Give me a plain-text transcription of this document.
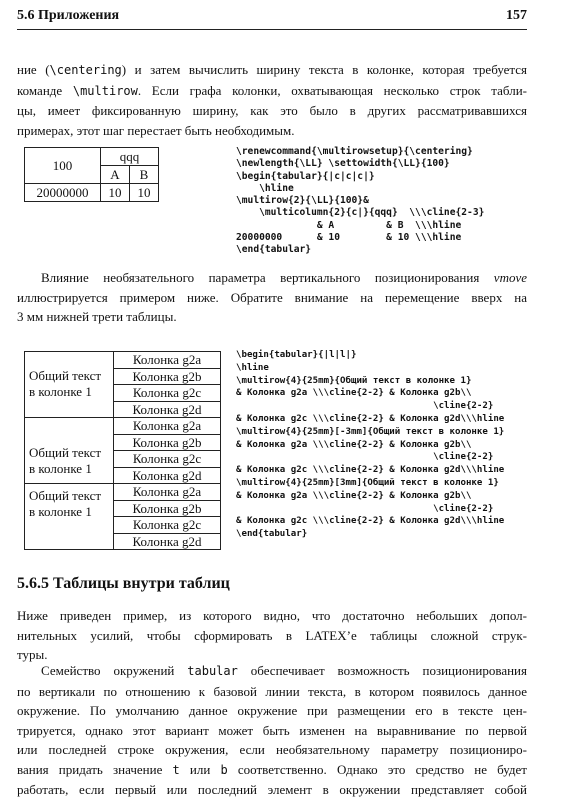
5.6 Приложения	157
ние (\centering) и затем вычислить ширину текста в колонке, которая требуется
команде \multirow. Если графа колонки, охватывающая несколько строк табли-
цы, имеет фиксированную ширину, как это было в других рассматривавшихся
примерах, этот шаг перестает быть необходимым.
100	qqq	
	A	B
20000000	10	10
\renewcommand{\multirowsetup}{\centering}
\newlength{\LL} \settowidth{\LL}{100}
\begin{tabular}{|c|c|c|}
\hline
\multirow{2}{\LL}{100}&
\multicolumn{2}{c|}{qqq}  \\\cline{2-3}
& A         & B  \\\hline
20000000      & 10        & 10 \\\hline
\end{tabular}
Влияние необязательного параметра вертикального позиционирования vmove
иллюстрируется примером ниже. Обратите внимание на перемещение вверх на
3 мм нижней трети таблицы.
Общий текст в колонке 1	Колонка g2a
	Колонка g2b
	Колонка g2c
	Колонка g2d
Общий текст в колонке 1	Колонка g2a
	Колонка g2b
	Колонка g2c
	Колонка g2d
Общий текст в колонке 1	Колонка g2a
	Колонка g2b
	Колонка g2c
	Колонка g2d
\begin{tabular}{|l|l|}
\hline
\multirow{4}{25mm}{Общий текст в колонке 1}
& Колонка g2a \\\cline{2-2} & Колонка g2b\\
\cline{2-2}
& Колонка g2c \\\cline{2-2} & Колонка g2d\\\hline
\multirow{4}{25mm}[-3mm]{Общий текст в колонке 1}
& Колонка g2a \\\cline{2-2} & Колонка g2b\\
\cline{2-2}
& Колонка g2c \\\cline{2-2} & Колонка g2d\\\hline
\multirow{4}{25mm}[3mm]{Общий текст в колонке 1}
& Колонка g2a \\\cline{2-2} & Колонка g2b\\
\cline{2-2}
& Колонка g2c \\\cline{2-2} & Колонка g2d\\\hline
\end{tabular}
5.6.5 Таблицы внутри таблиц
Ниже приведен пример, из которого видно, что достаточно небольших допол-
нительных усилий, чтобы сформировать в LATEX’е таблицы сложной струк-
туры.
Семейство окружений tabular обеспечивает возможность позиционирования
по вертикали по отношению к базовой линии текста, в котором появилось данное
окружение. По умолчанию данное окружение при размещении его в тексте цен-
трируется, однако этот вариант может быть изменен на выравнивание по первой
или последней строке окружения, если необязательному параметру позициониро-
вания придать значение t или b соответственно. Однако это средство не будет
работать, если первый или последний элемент в окружении представляет собой
